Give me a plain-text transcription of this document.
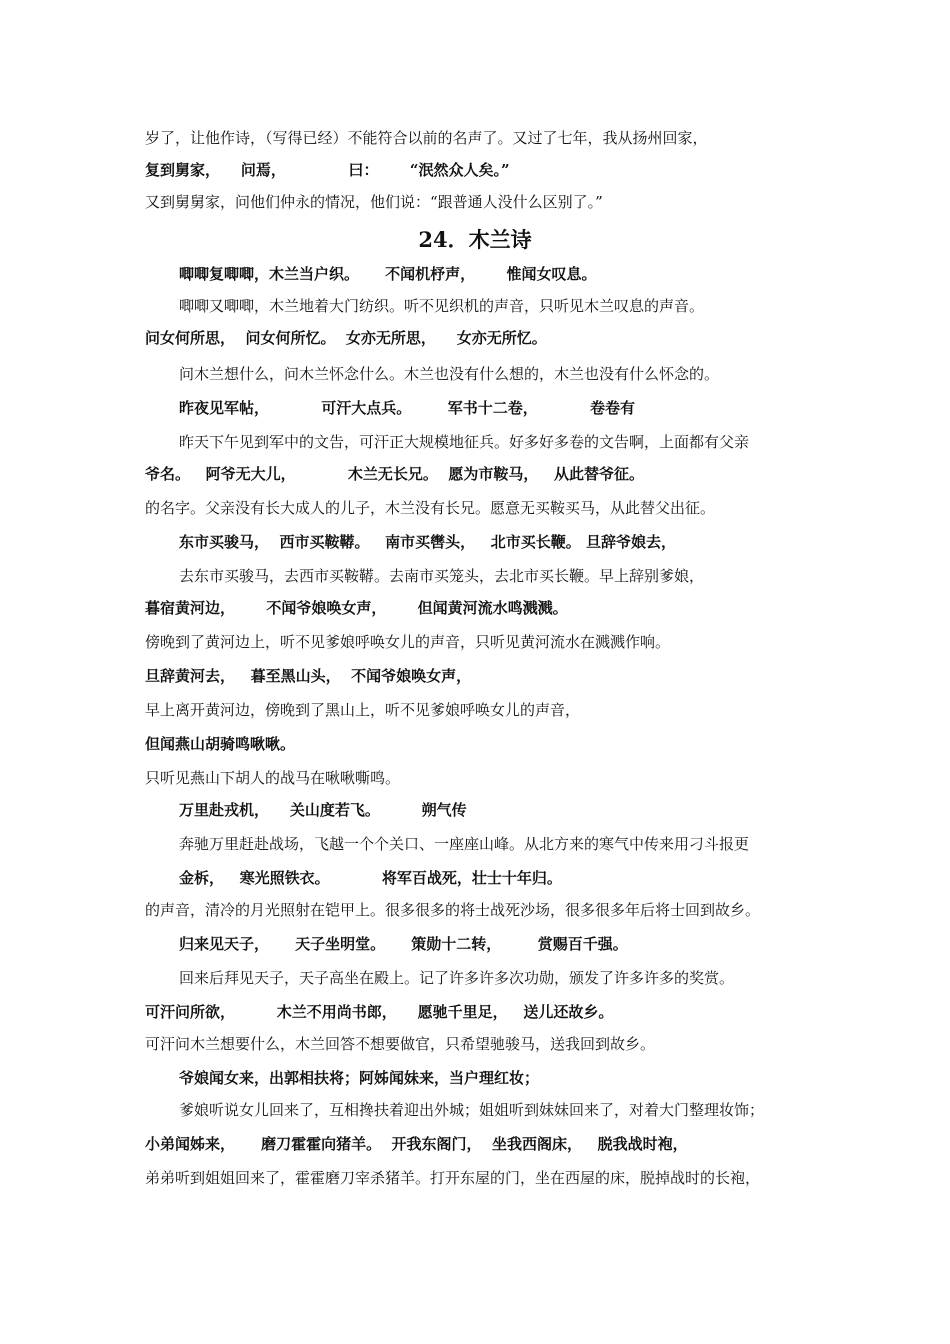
岁了，让他作诗，（写得已经）不能符合以前的名声了。又过了七年，我从扬州回家，
复到舅家，    问焉，            曰：      “泯然众人矣。”
又到舅舅家，问他们仲永的情况，他们说：“跟普通人没什么区别了。”
24．木兰诗
唧唧复唧唧，木兰当户织。     不闻机杼声，      惟闻女叹息。
唧唧又唧唧，木兰地着大门纺织。听不见织机的声音，只听见木兰叹息的声音。
问女何所思，  问女何所忆。  女亦无所思，    女亦无所忆。
问木兰想什么，问木兰怀念什么。木兰也没有什么想的，木兰也没有什么怀念的。
昨夜见军帖，          可汗大点兵。       军书十二卷，          卷卷有
昨天下午见到军中的文告，可汗正大规模地征兵。好多好多卷的文告啊，上面都有父亲
爷名。   阿爷无大儿，          木兰无长兄。  愿为市鞍马，   从此替爷征。
的名字。父亲没有长大成人的儿子，木兰没有长兄。愿意无买鞍买马，从此替父出征。
东市买骏马，  西市买鞍鞯。   南市买辔头，   北市买长鞭。 旦辞爷娘去，
去东市买骏马，去西市买鞍鞯。去南市买笼头，去北市买长鞭。早上辞别爹娘，
暮宿黄河边，      不闻爷娘唤女声，      但闻黄河流水鸣溅溅。
傍晚到了黄河边上，听不见爹娘呼唤女儿的声音，只听见黄河流水在溅溅作响。
旦辞黄河去，   暮至黑山头，  不闻爷娘唤女声，
早上离开黄河边，傍晚到了黑山上，听不见爹娘呼唤女儿的声音，
但闻燕山胡骑鸣啾啾。
只听见燕山下胡人的战马在啾啾嘶鸣。
万里赴戎机，    关山度若飞。        朔气传
奔驰万里赶赴战场，飞越一个个关口、一座座山峰。从北方来的寒气中传来用刁斗报更
金柝，   寒光照铁衣。          将军百战死，壮士十年归。
的声音，清冷的月光照射在铠甲上。很多很多的将士战死沙场，很多很多年后将士回到故乡。
归来见天子，     天子坐明堂。     策勋十二转，       赏赐百千强。
回来后拜见天子，天子高坐在殿上。记了许多许多次功勋，颁发了许多许多的奖赏。
可汗问所欲，        木兰不用尚书郎，    愿驰千里足，   送儿还故乡。
可汗问木兰想要什么，木兰回答不想要做官，只希望驰骏马，送我回到故乡。
爷娘闻女来，出郭相扶将；阿姊闻妹来，当户理红妆；
爹娘听说女儿回来了，互相搀扶着迎出外城；姐姐听到妹妹回来了，对着大门整理妆饰；
小弟闻姊来，     磨刀霍霍向猪羊。  开我东阁门，  坐我西阁床，   脱我战时袍，
弟弟听到姐姐回来了，霍霍磨刀宰杀猪羊。打开东屋的门，坐在西屋的床，脱掉战时的长袍，
